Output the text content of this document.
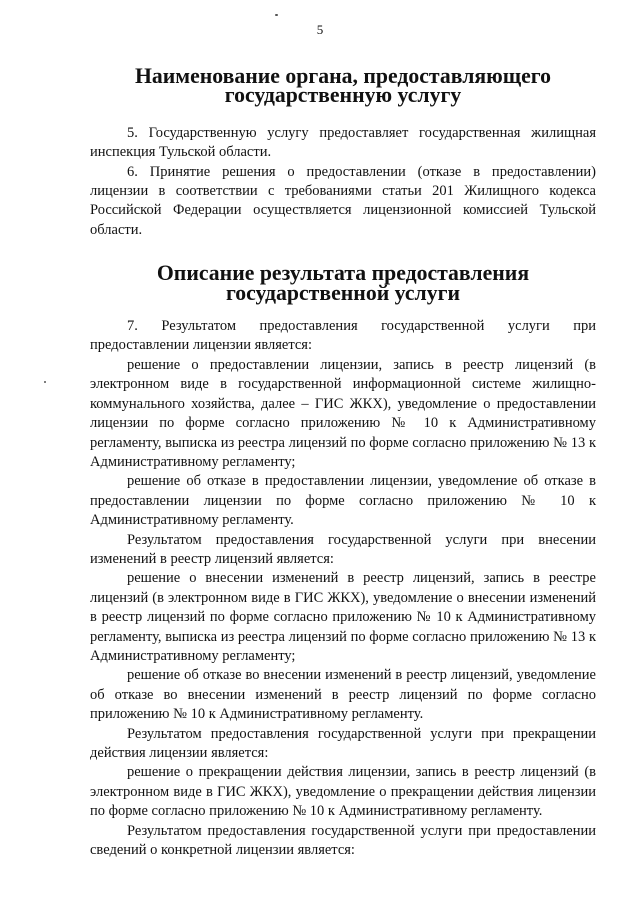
5
Наименование органа, предоставляющего государственную услугу

5. Государственную услугу предоставляет государственная жилищная инспекция Тульской области.

6. Принятие решения о предоставлении (отказе в предоставлении) лицензии в соответствии с требованиями статьи 201 Жилищного кодекса Российской Федерации осуществляется лицензионной комиссией Тульской области.

Описание результата предоставления государственной услуги

7. Результатом предоставления государственной услуги при предоставлении лицензии является:

решение о предоставлении лицензии, запись в реестр лицензий (в электронном виде в государственной информационной системе жилищно-коммунального хозяйства, далее – ГИС ЖКХ), уведомление о предоставлении лицензии по форме согласно приложению № 10 к Административному регламенту, выписка из реестра лицензий по форме согласно приложению № 13 к Административному регламенту;

решение об отказе в предоставлении лицензии, уведомление об отказе в предоставлении лицензии по форме согласно приложению № 10 к Административному регламенту.

Результатом предоставления государственной услуги при внесении изменений в реестр лицензий является:

решение о внесении изменений в реестр лицензий, запись в реестре лицензий (в электронном виде в ГИС ЖКХ), уведомление о внесении изменений в реестр лицензий по форме согласно приложению № 10 к Административному регламенту, выписка из реестра лицензий по форме согласно приложению № 13 к Административному регламенту;

решение об отказе во внесении изменений в реестр лицензий, уведомление об отказе во внесении изменений в реестр лицензий по форме согласно приложению № 10 к Административному регламенту.

Результатом предоставления государственной услуги при прекращении действия лицензии является:

решение о прекращении действия лицензии, запись в реестр лицензий (в электронном виде в ГИС ЖКХ), уведомление о прекращении действия лицензии по форме согласно приложению № 10 к Административному регламенту.

Результатом предоставления государственной услуги при предоставлении сведений о конкретной лицензии является:
